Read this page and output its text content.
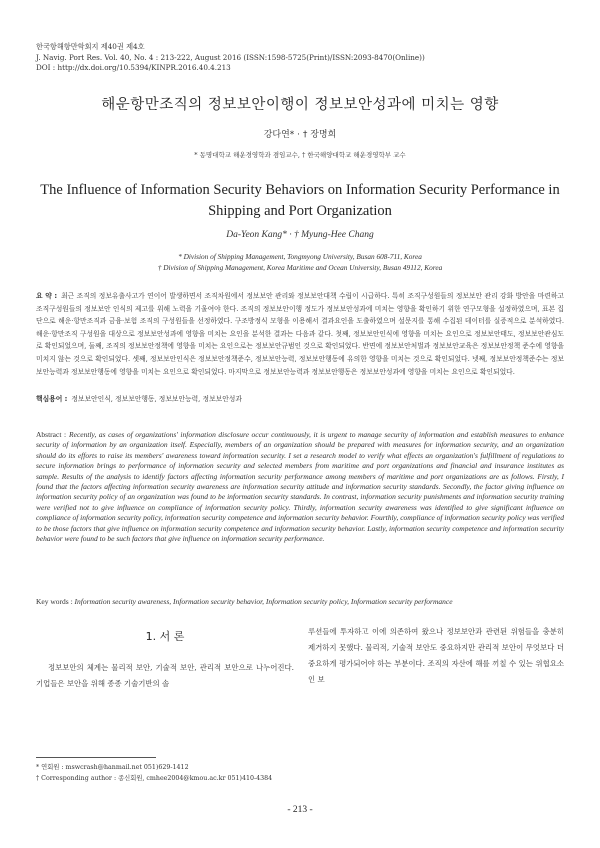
한국항해항만학회지 제40권 제4호
J. Navig. Port Res. Vol. 40, No. 4 : 213-222, August 2016 (ISSN:1598-5725(Print)/ISSN:2093-8470(Online))
DOI : http://dx.doi.org/10.5394/KINPR.2016.40.4.213
해운항만조직의 정보보안이행이 정보보안성과에 미치는 영향
강다연* · † 장명희
* 동명대학교 해운경영학과 겸임교수, † 한국해양대학교 해운경영학부 교수
The Influence of Information Security Behaviors on Information Security Performance in Shipping and Port Organization
Da-Yeon Kang* · † Myung-Hee Chang
* Division of Shipping Management, Tongmyong University, Busan 608-711, Korea
† Division of Shipping Management, Korea Maritime and Ocean University, Busan 49112, Korea
요 약 : 최근 조직의 정보유출사고가 연이어 발생하면서 조직차원에서 정보보안 관리와 정보보안대책 수립이 시급하다. 특히 조직구성원들의 정보보안 관리 강화 방안을 마련하고 조직구성원들의 정보보안 인식의 제고를 위해 노력을 기울여야 한다. 조직의 정보보안이행 정도가 정보보안성과에 미치는 영향을 확인하기 위한 연구모형을 설정하였으며, 표본 집단으로 해운·항만조직과 금융·보험 조직의 구성원들을 선정하였다. 구조방정식 모형을 이용해서 결과요인을 도출하였으며 설문지를 통해 수집된 데이터를 실증적으로 분석하였다. 해운·항만조직 구성원을 대상으로 정보보안성과에 영향을 미치는 요인을 분석한 결과는 다음과 같다. 첫째, 정보보안인식에 영향을 미치는 요인으로 정보보안태도, 정보보안관심도로 확인되었으며, 둘째, 조직의 정보보안정책에 영향을 미치는 요인으로는 정보보안규범인 것으로 확인되었다. 반면에 정보보안처벌과 정보보안교육은 정보보안정책 준수에 영향을 미치지 않는 것으로 확인되었다. 셋째, 정보보안인식은 정보보안정책준수, 정보보안능력, 정보보안행동에 유의한 영향을 미치는 것으로 확인되었다. 넷째, 정보보안정책준수는 정보보안능력과 정보보안행동에 영향을 미치는 요인으로 확인되었다. 마지막으로 정보보안능력과 정보보안행동은 정보보안성과에 영향을 미치는 요인으로 확인되었다.
핵심용어 : 정보보안인식, 정보보안행동, 정보보안능력, 정보보안성과
Abstract : Recently, as cases of organizations' information disclosure occur continuously, it is urgent to manage security of information and establish measures to enhance security of information by an organization itself. Especially, members of an organization should be prepared with measures for information security, and an organization should do its efforts to raise its members' awareness toward information security. I set a research model to verify what effects an organization's fulfillment of regulations to secure information brings to performance of information security and selected members from maritime and port organizations and financial and insurance institutes as sample. Results of the analysis to identify factors affecting information security performance among members of maritime and port organizations are as follows. Firstly, I found that the factors affecting information security awareness are information security attitude and information security standards. Secondly, the factor giving influence on information security policy of an organization was found to be information security standards. In contrast, information security punishments and information security training were verified not to give influence on compliance of information security policy. Thirdly, information security awareness was identified to give significant influence on compliance of information security policy, information security competence and information security behavior. Fourthly, compliance of information security policy was verified to be those factors that give influence on information security competence and information security behavior. Lastly, information security competence and information security behavior were found to be such factors that give influence on information security performance.
Key words : Information security awareness, Information security behavior, Information security policy, Information security performance
1. 서 론
정보보안의 체계는 물리적 보안, 기술적 보안, 관리적 보안으로 나누어진다. 기업들은 보안을 위해 종종 기술기반의 솔
루션들에 투자하고 이에 의존하여 왔으나 정보보안과 관련된 위험들을 충분히 제거하지 못했다. 물리적, 기술적 보안도 중요하지만 관리적 보안이 무엇보다 더 중요하게 평가되어야 하는 부분이다. 조직의 자산에 해를 끼칠 수 있는 위협요소인 보
* 연회원 : mswcrash@hanmail.net 051)629-1412
† Corresponding author : 종신회원, cmhee2004@kmou.ac.kr 051)410-4384
- 213 -
